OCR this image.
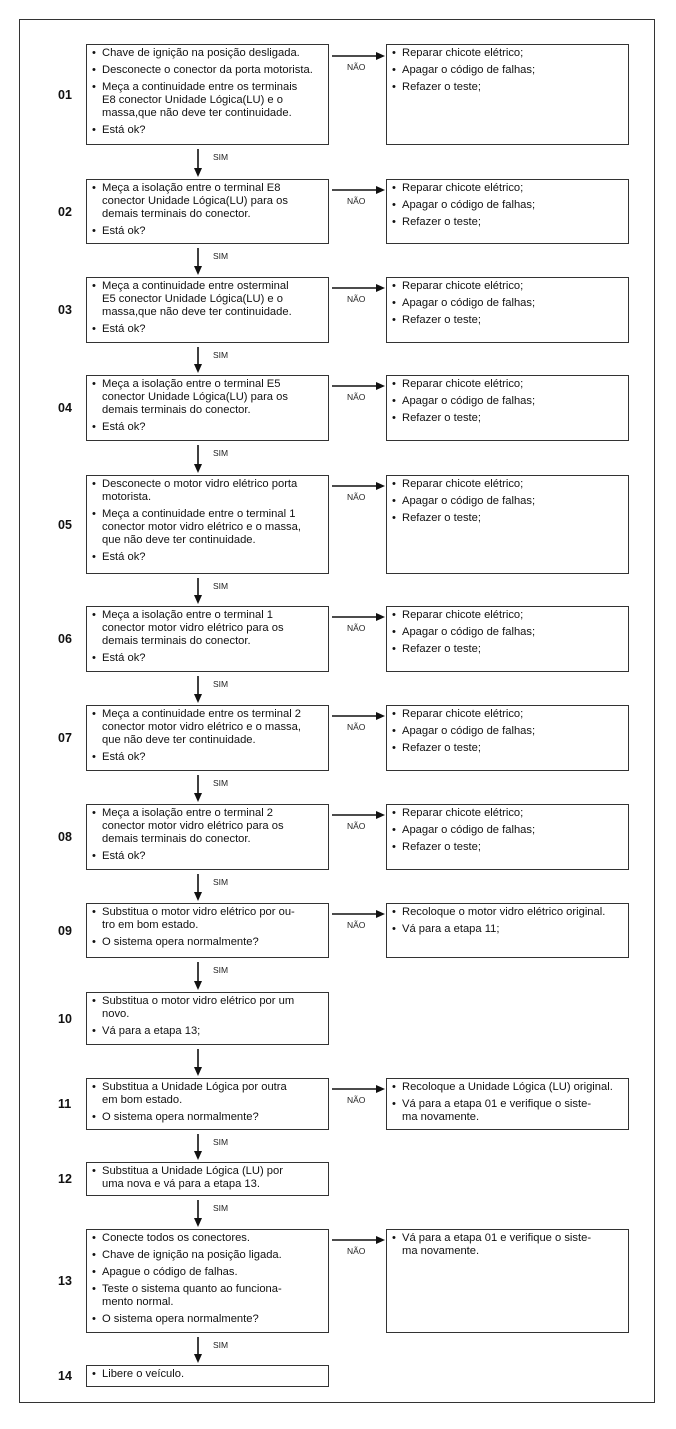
01
• Chave de ignição na posição desligada.
• Desconecte o conector da porta motorista.
• Meça a continuidade entre os terminais
E8 conector Unidade Lógica(LU) e o
massa,que não deve ter continuidade.
• Está ok?
• Reparar chicote elétrico;
• Apagar o código de falhas;
• Refazer o teste;
NÃO
SIM
02
• Meça a isolação entre o terminal E8
conector Unidade Lógica(LU) para os
demais terminais do conector.
• Está ok?
• Reparar chicote elétrico;
• Apagar o código de falhas;
• Refazer o teste;
NÃO
SIM
03
• Meça a continuidade entre osterminal
E5 conector Unidade Lógica(LU) e o
massa,que não deve ter continuidade.
• Está ok?
• Reparar chicote elétrico;
• Apagar o código de falhas;
• Refazer o teste;
NÃO
SIM
04
• Meça a isolação entre o terminal E5
conector Unidade Lógica(LU) para os
demais terminais do conector.
• Está ok?
• Reparar chicote elétrico;
• Apagar o código de falhas;
• Refazer o teste;
NÃO
SIM
05
• Desconecte o motor vidro elétrico porta
motorista.
• Meça a continuidade entre o terminal 1
conector motor vidro elétrico e o massa,
que não deve ter continuidade.
• Está ok?
• Reparar chicote elétrico;
• Apagar o código de falhas;
• Refazer o teste;
NÃO
SIM
06
• Meça a isolação entre o terminal 1
conector motor vidro elétrico para os
demais terminais do conector.
• Está ok?
• Reparar chicote elétrico;
• Apagar o código de falhas;
• Refazer o teste;
NÃO
SIM
07
• Meça a continuidade entre os terminal 2
conector motor vidro elétrico e o massa,
que não deve ter continuidade.
• Está ok?
• Reparar chicote elétrico;
• Apagar o código de falhas;
• Refazer o teste;
NÃO
SIM
08
• Meça a isolação entre o terminal 2
conector motor vidro elétrico para os
demais terminais do conector.
• Está ok?
• Reparar chicote elétrico;
• Apagar o código de falhas;
• Refazer o teste;
NÃO
SIM
09
• Substitua o motor vidro elétrico por ou-
tro em bom estado.
• O sistema opera normalmente?
• Recoloque o motor vidro elétrico original.
• Vá para a etapa 11;
NÃO
SIM
10
• Substitua o motor vidro elétrico por um
novo.
• Vá para a etapa 13;
11
• Substitua a Unidade Lógica por outra
em bom estado.
• O sistema opera normalmente?
• Recoloque a Unidade Lógica (LU) original.
• Vá para a etapa 01 e verifique o siste-
ma novamente.
NÃO
SIM
12
• Substitua a Unidade Lógica (LU) por
uma nova e vá para a etapa 13.
SIM
13
• Conecte todos os conectores.
• Chave de ignição na posição ligada.
• Apague o código de falhas.
• Teste o sistema quanto ao funciona-
mento normal.
• O sistema opera normalmente?
• Vá para a etapa 01 e verifique o siste-
ma novamente.
NÃO
SIM
14
•	Libere o veículo.
